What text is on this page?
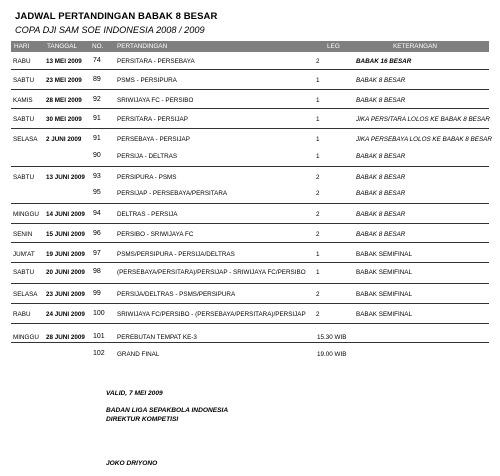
JADWAL PERTANDINGAN BABAK 8 BESAR
COPA DJI SAM SOE INDONESIA 2008 / 2009
HARI	TANGGAL NO. PERTANDINGAN	LEG	KETERANGAN
RABU 13 MEI 2009 74	PERSITARA - PERSEBAYA	2	BABAK 16 BESAR
SABTU 23 MEI 2009 89	PSMS - PERSIPURA	1	BABAK 8 BESAR
KAMIS 28 MEI 2009 92	SRIWIJAYA FC - PERSIBO	1	BABAK 8 BESAR
SABTU 30 MEI 2009 91	PERSITARA - PERSIJAP	1	JIKA PERSITARA LOLOS KE BABAK 8 BESAR
SELASA 2 JUNI 2009 91	PERSEBAYA - PERSIJAP	1	JIKA PERSEBAYA LOLOS KE BABAK 8 BESAR
90	PERSIJA - DELTRAS	1	BABAK 8 BESAR
SABTU 13 JUNI 2009 93	PERSIPURA - PSMS	2	BABAK 8 BESAR
95	PERSIJAP - PERSEBAYA/PERSITARA	2	BABAK 8 BESAR
MINGGU 14 JUNI 2009 94	DELTRAS - PERSIJA	2	BABAK 8 BESAR
SENIN 15 JUNI 2009 96	PERSIBO - SRIWIJAYA FC	2	BABAK 8 BESAR
JUM'AT 19 JUNI 2009 97	PSMS/PERSIPURA - PERSIJA/DELTRAS	1	BABAK SEMIFINAL
SABTU 20 JUNI 2009 98	(PERSEBAYA/PERSITARA)/PERSIJAP - SRIWIJAYA FC/PERSIBO 1	BABAK SEMIFINAL
SELASA 23 JUNI 2009 99	PERSIJA/DELTRAS - PSMS/PERSIPURA	2	BABAK SEMIFINAL
RABU 24 JUNI 2009 100 SRIWIJAYA FC/PERSIBO - (PERSEBAYA/PERSITARA)/PERSIJAP 2	BABAK SEMIFINAL
MINGGU 28 JUNI 2009 101 PEREBUTAN TEMPAT KE-3	15.30 WIB
102 GRAND FINAL	19.00 WIB
VALID, 7 MEI 2009
BADAN LIGA SEPAKBOLA INDONESIA
DIREKTUR KOMPETISI
JOKO DRIYONO
